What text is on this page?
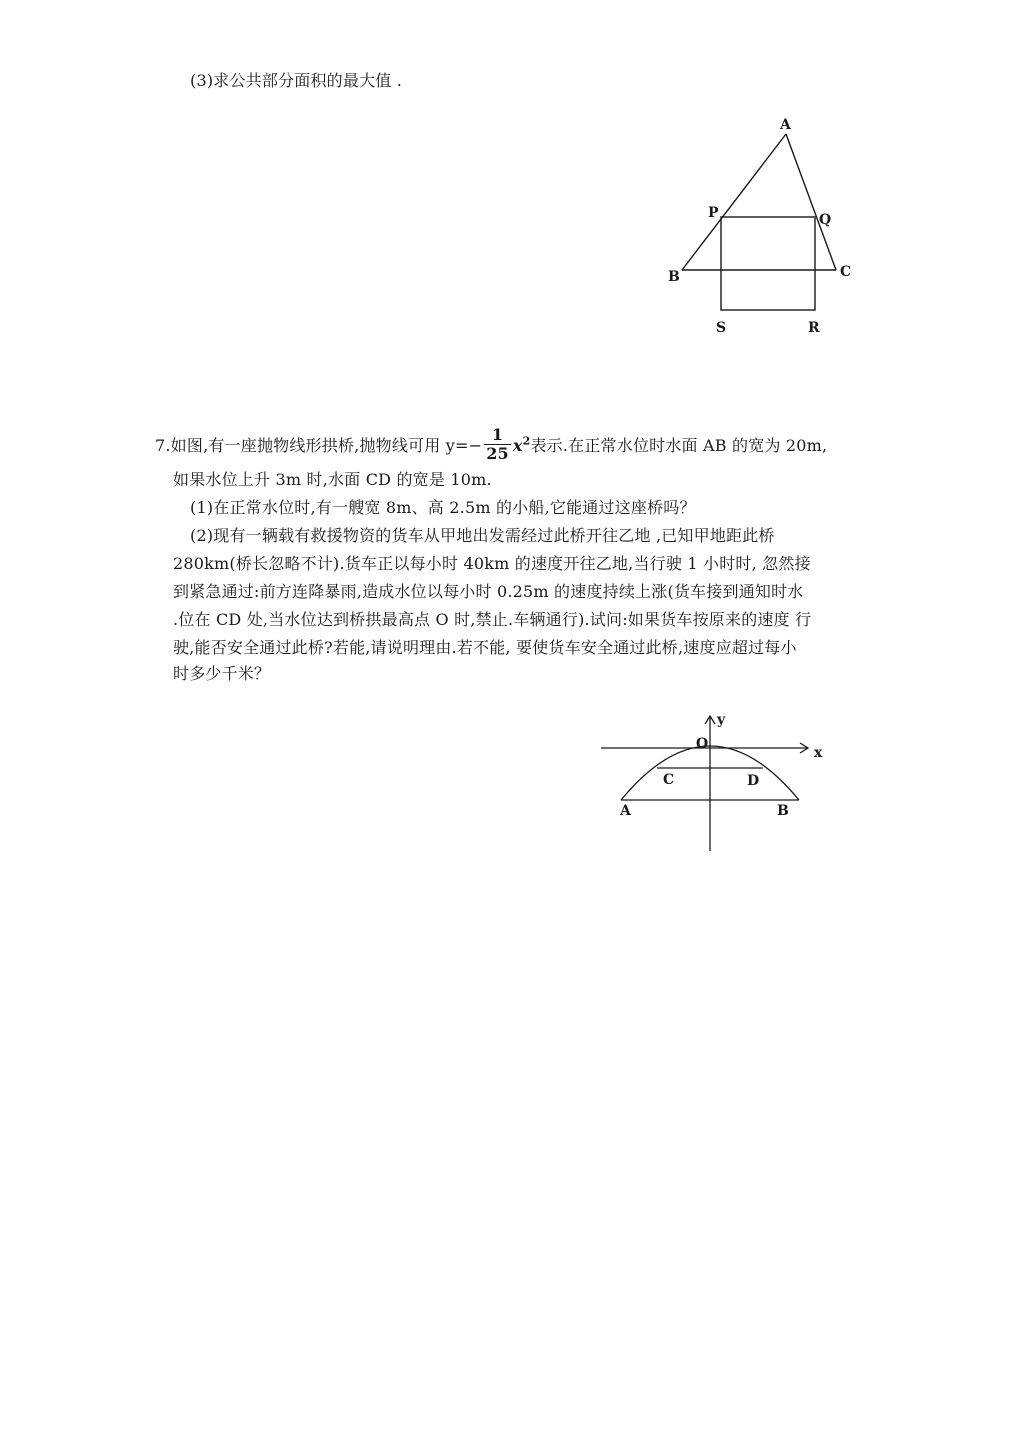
(3)求公共部分面积的最大值 .
A
P	Q
B	C
S	R
7.如图,有一座抛物线形拱桥,抛物线可用 $y=- \frac{1}{25} x^2$表示.在正常水位时水面 AB 的宽为 20m,
如果水位上升 3m 时,水面 CD 的宽是 10m.
(1)在正常水位时,有一艘宽 8m、高 2.5m 的小船,它能通过这座桥吗？
(2)现有一辆载有救援物资的货车从甲地出发需经过此桥开往乙地 ,已知甲地距此桥
280km(桥长忽略不计).货车正以每小时 40km 的速度开往乙地,当行驶 1 小时时, 忽然接
到紧急通过:前方连降暴雨,造成水位以每小时 0.25m 的速度持续上涨(货车接到通知时水
.位在 CD 处,当水位达到桥拱最高点 O 时,禁止.车辆通行).试问:如果货车按原来的速度 行
驶,能否安全通过此桥?若能,请说明理由.若不能, 要使货车安全通过此桥,速度应超过每小
时多少千米？
y
x
O
C	D
A	B
